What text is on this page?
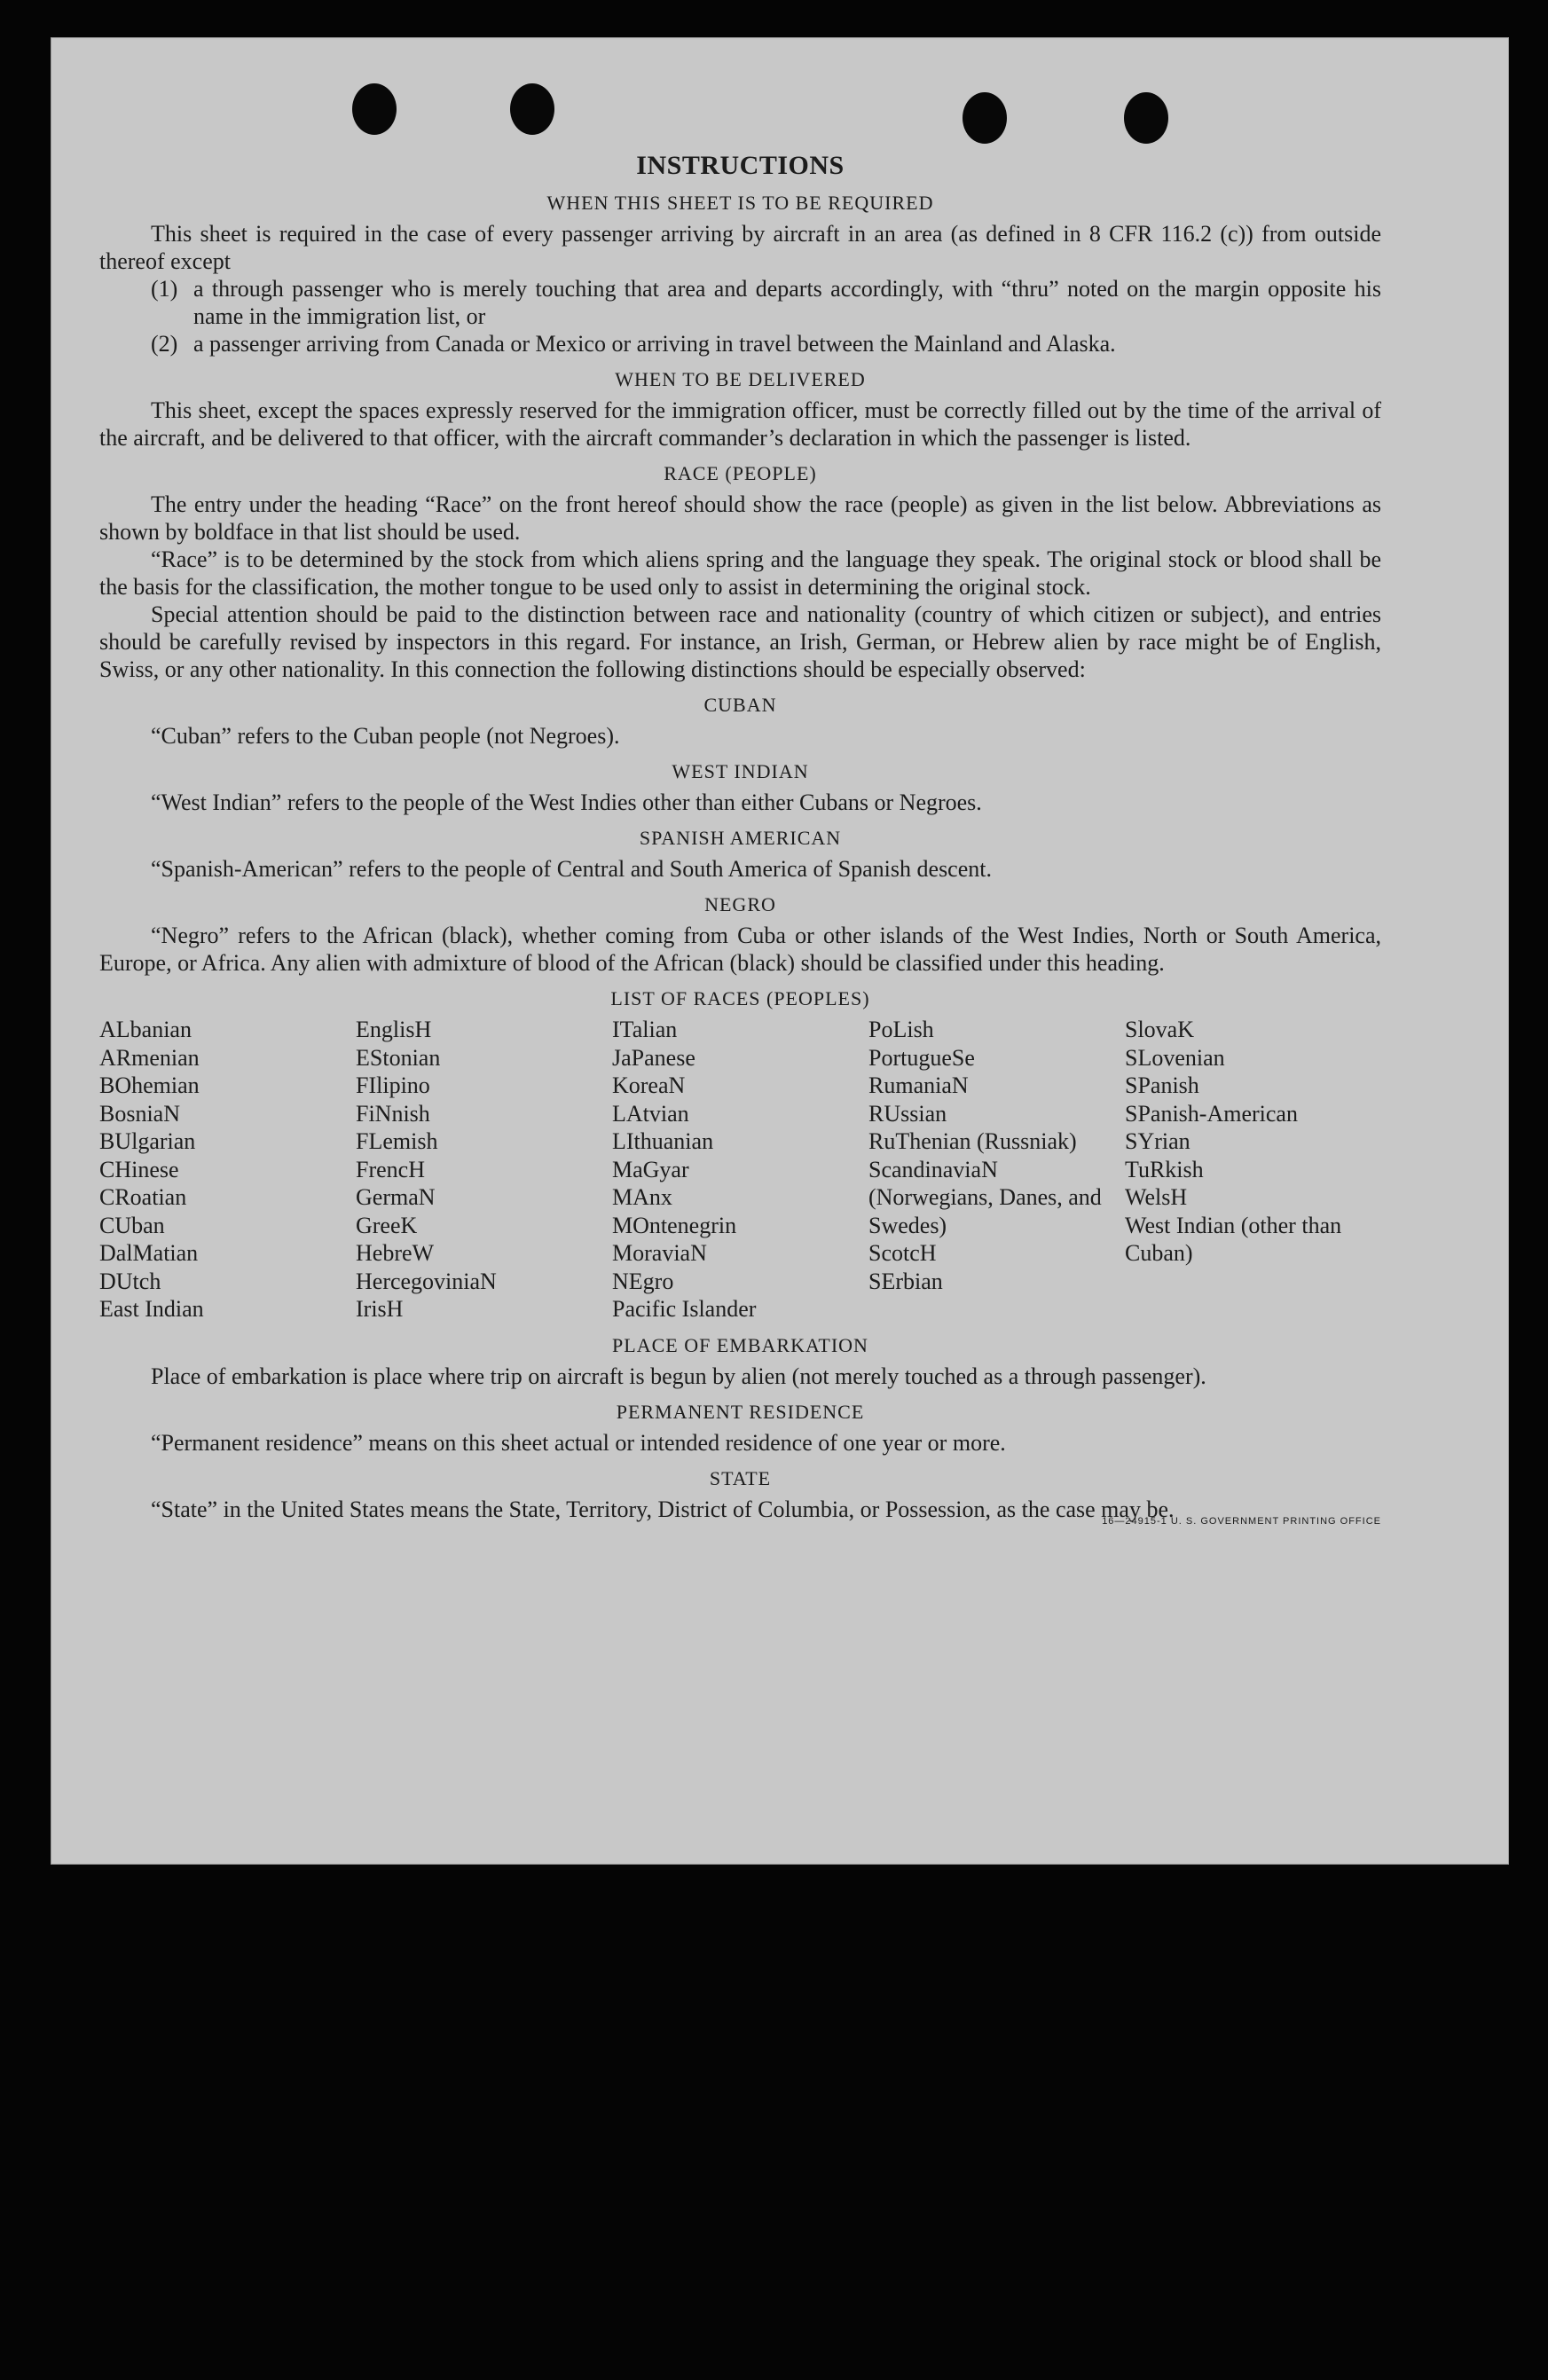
INSTRUCTIONS
WHEN THIS SHEET IS TO BE REQUIRED

This sheet is required in the case of every passenger arriving by aircraft in an area (as defined in 8 CFR 116.2 (c)) from outside thereof except

(1) a through passenger who is merely touching that area and departs accordingly, with “thru” noted on the margin opposite his name in the immigration list, or
(2) a passenger arriving from Canada or Mexico or arriving in travel between the Mainland and Alaska.
WHEN TO BE DELIVERED

This sheet, except the spaces expressly reserved for the immigration officer, must be correctly filled out by the time of the arrival of the aircraft, and be delivered to that officer, with the aircraft commander’s declaration in which the passenger is listed.

RACE (PEOPLE)

The entry under the heading “Race” on the front hereof should show the race (people) as given in the list below. Abbreviations as shown by boldface in that list should be used.

“Race” is to be determined by the stock from which aliens spring and the language they speak. The original stock or blood shall be the basis for the classification, the mother tongue to be used only to assist in determining the original stock.

Special attention should be paid to the distinction between race and nationality (country of which citizen or subject), and entries should be carefully revised by inspectors in this regard. For instance, an Irish, German, or Hebrew alien by race might be of English, Swiss, or any other nationality. In this connection the following distinctions should be especially observed:

CUBAN

“Cuban” refers to the Cuban people (not Negroes).

WEST INDIAN

“West Indian” refers to the people of the West Indies other than either Cubans or Negroes.

SPANISH AMERICAN

“Spanish-American” refers to the people of Central and South America of Spanish descent.

NEGRO

“Negro” refers to the African (black), whether coming from Cuba or other islands of the West Indies, North or South America, Europe, or Africa. Any alien with admixture of blood of the African (black) should be classified under this heading.

LIST OF RACES (PEOPLES)
ALbanian
ARmenian
BOhemian
BosniaN
BUlgarian
CHinese
CRoatian
CUban
DalMatian
DUtch
East Indian
EnglisH
EStonian
FIlipino
FiNnish
FLemish
FrencH
GermaN
GreeK
HebreW
HercegoviniaN
IrisH
ITalian
JaPanese
KoreaN
LAtvian
LIthuanian
MaGyar
MAnx
MOntenegrin
MoraviaN
NEgro
Pacific Islander
PoLish
PortugueSe
RumaniaN
RUssian
RuThenian (Russniak)
ScandinaviaN (Norwegians, Danes, and Swedes)
ScotcH
SErbian
SlovaK
SLovenian
SPanish
SPanish-American
SYrian
TuRkish
WelsH
West Indian (other than Cuban)
PLACE OF EMBARKATION

Place of embarkation is place where trip on aircraft is begun by alien (not merely touched as a through passenger).

PERMANENT RESIDENCE

“Permanent residence” means on this sheet actual or intended residence of one year or more.

STATE

“State” in the United States means the State, Territory, District of Columbia, or Possession, as the case may be.

16—24915-1 U. S. GOVERNMENT PRINTING OFFICE
